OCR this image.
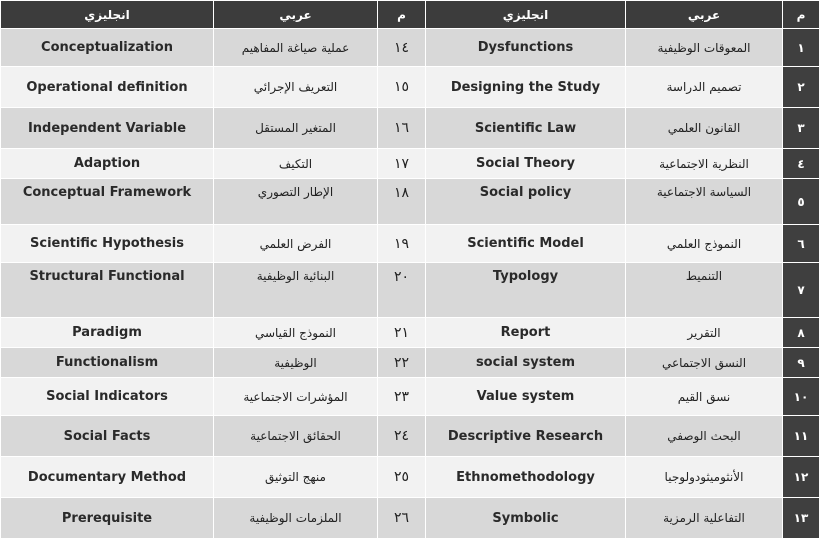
م	عربي	انجليزي	م	عربي	انجليزي
١	المعوقات الوظيفية	Dysfunctions	١٤	عملية صياغة المفاهيم	Conceptualization
٢	تصميم الدراسة	Designing the Study	١٥	التعريف الإجرائي	Operational definition
٣	القانون العلمي	Scientific Law	١٦	المتغير المستقل	Independent Variable
٤	النظرية الاجتماعية	Social Theory	١٧	التكيف	Adaption
٥	السياسة الاجتماعية	Social policy	١٨	الإطار التصوري	Conceptual Framework
٦	النموذج العلمي	Scientific Model	١٩	الفرض العلمي	Scientific Hypothesis
٧	التنميط	Typology	٢٠	البنائية الوظيفية	Structural Functional
٨	التقرير	Report	٢١	النموذج القياسي	Paradigm
٩	النسق الاجتماعي	social system	٢٢	الوظيفية	Functionalism
١٠	نسق القيم	Value system	٢٣	المؤشرات الاجتماعية	Social Indicators
١١	البحث الوصفي	Descriptive Research	٢٤	الحقائق الاجتماعية	Social Facts
١٢	الأنثوميثودولوجيا	Ethnomethodology	٢٥	منهج التوثيق	Documentary Method
١٣	التفاعلية الرمزية	Symbolic	٢٦	الملزمات الوظيفية	Prerequisite
